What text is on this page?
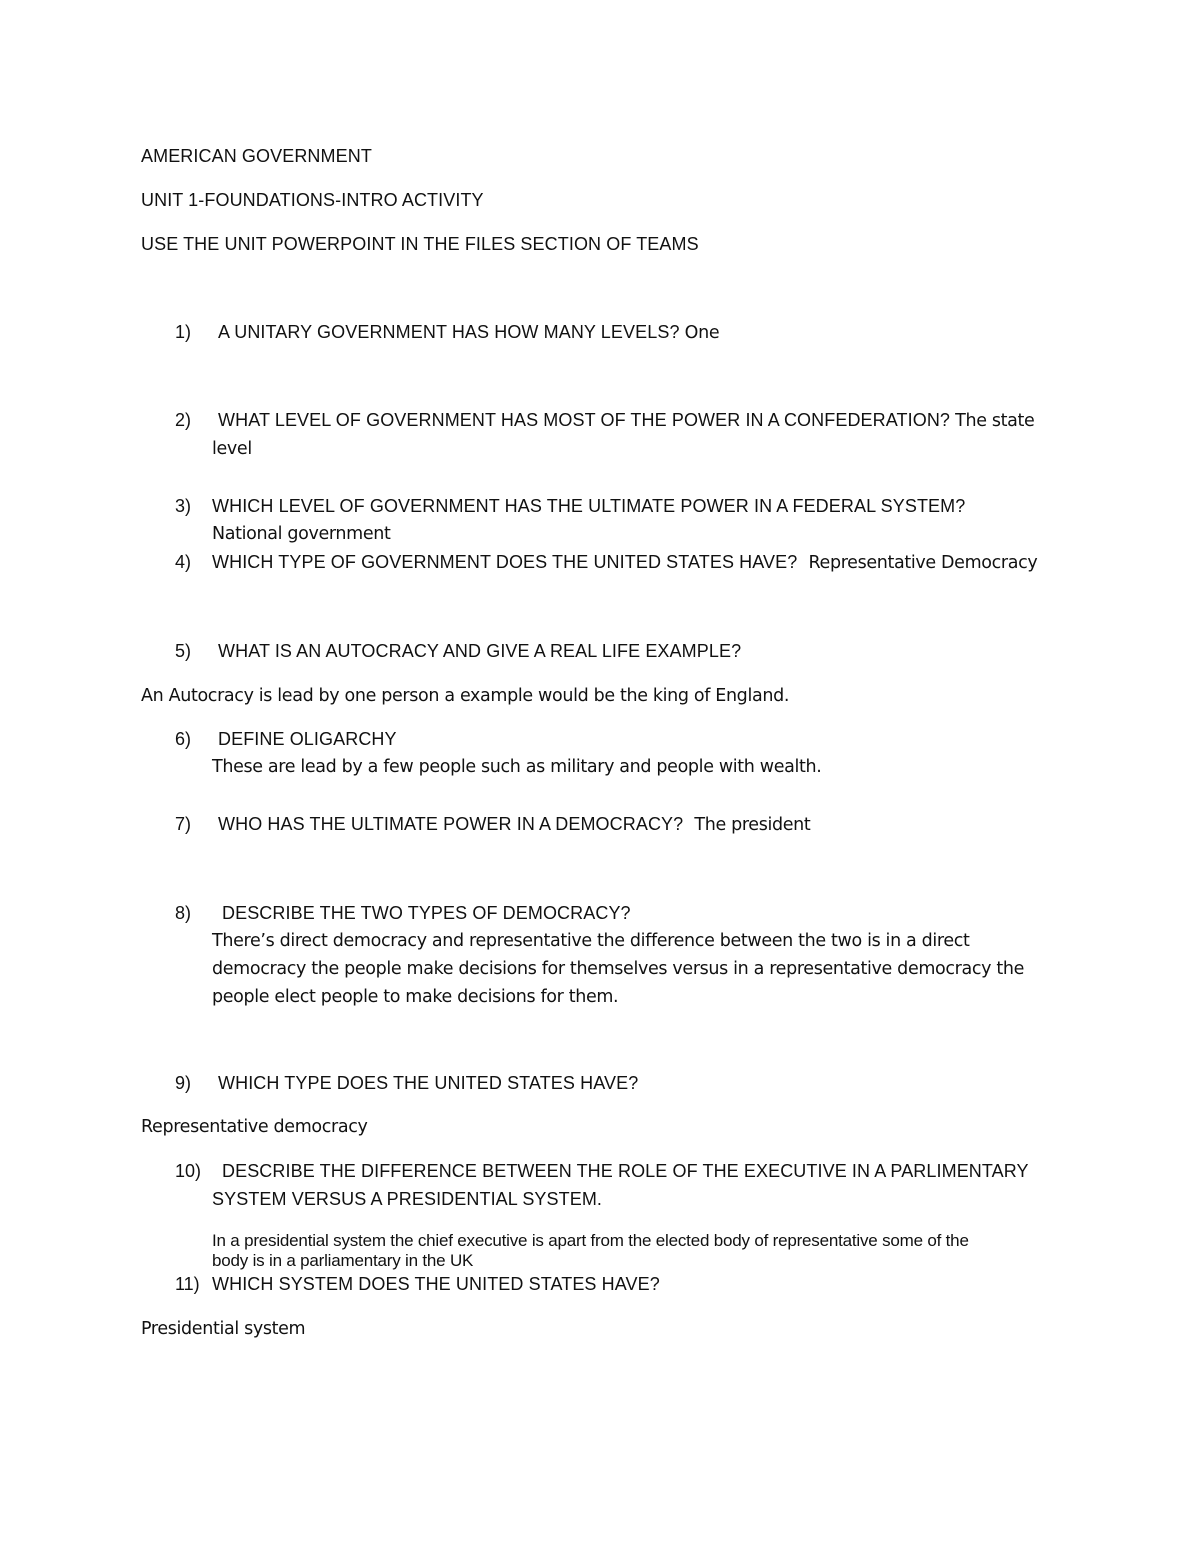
AMERICAN GOVERNMENT
UNIT 1-FOUNDATIONS-INTRO ACTIVITY
USE THE UNIT POWERPOINT IN THE FILES SECTION OF TEAMS
1) A UNITARY GOVERNMENT HAS HOW MANY LEVELS? One
2) WHAT LEVEL OF GOVERNMENT HAS MOST OF THE POWER IN A CONFEDERATION? The state
level
3) WHICH LEVEL OF GOVERNMENT HAS THE ULTIMATE POWER IN A FEDERAL SYSTEM?
National government
4) WHICH TYPE OF GOVERNMENT DOES THE UNITED STATES HAVE? Representative Democracy
5) WHAT IS AN AUTOCRACY AND GIVE A REAL LIFE EXAMPLE?
An Autocracy is lead by one person a example would be the king of England.
6) DEFINE OLIGARCHY
These are lead by a few people such as military and people with wealth.
7) WHO HAS THE ULTIMATE POWER IN A DEMOCRACY? The president
8) DESCRIBE THE TWO TYPES OF DEMOCRACY?
There’s direct democracy and representative the difference between the two is in a direct
democracy the people make decisions for themselves versus in a representative democracy the
people elect people to make decisions for them.
9) WHICH TYPE DOES THE UNITED STATES HAVE?
Representative democracy
10) DESCRIBE THE DIFFERENCE BETWEEN THE ROLE OF THE EXECUTIVE IN A PARLIMENTARY
SYSTEM VERSUS A PRESIDENTIAL SYSTEM.
In a presidential system the chief executive is apart from the elected body of representative some of the
body is in a parliamentary in the UK
11) WHICH SYSTEM DOES THE UNITED STATES HAVE?
Presidential system
